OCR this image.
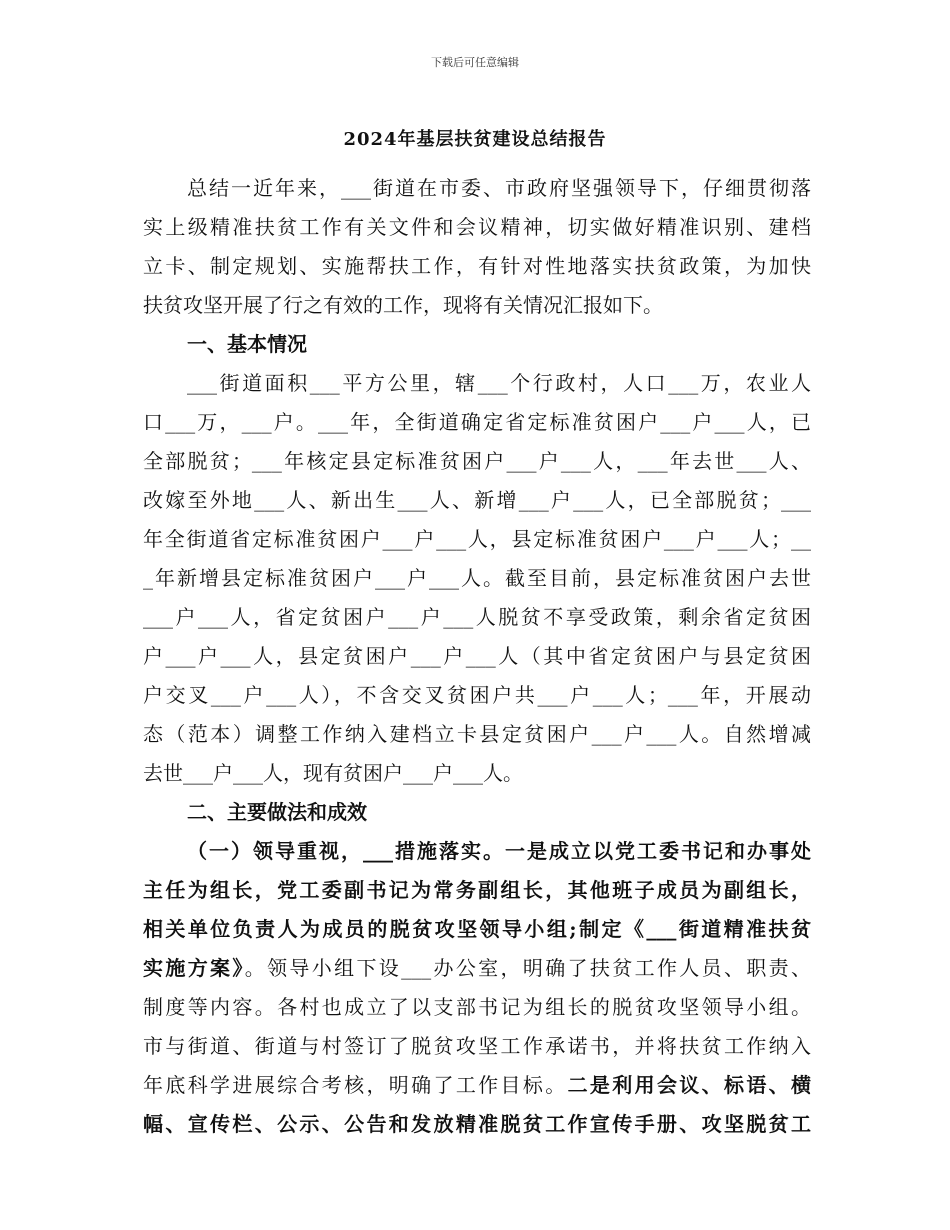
下载后可任意编辑
2024年基层扶贫建设总结报告
总结一近年来，___街道在市委、市政府坚强领导下，仔细贯彻落
实上级精准扶贫工作有关文件和会议精神，切实做好精准识别、建档
立卡、制定规划、实施帮扶工作，有针对性地落实扶贫政策，为加快
扶贫攻坚开展了行之有效的工作，现将有关情况汇报如下。
一、基本情况
___街道面积___平方公里，辖___个行政村，人口___万，农业人
口___万，___户。___年，全街道确定省定标准贫困户___户___人，已
全部脱贫；___年核定县定标准贫困户___户___人，___年去世___人、
改嫁至外地___人、新出生___人、新增___户___人，已全部脱贫；___
年全街道省定标准贫困户___户___人，县定标准贫困户___户___人；__
_年新增县定标准贫困户___户___人。截至目前，县定标准贫困户去世
___户___人，省定贫困户___户___人脱贫不享受政策，剩余省定贫困
户___户___人，县定贫困户___户___人（其中省定贫困户与县定贫困
户交叉___户___人），不含交叉贫困户共___户___人；___年，开展动
态（范本）调整工作纳入建档立卡县定贫困户___户___人。自然增减
去世___户___人，现有贫困户___户___人。
二、主要做法和成效
（一）领导重视，___措施落实。一是成立以党工委书记和办事处
主任为组长，党工委副书记为常务副组长，其他班子成员为副组长，
相关单位负责人为成员的脱贫攻坚领导小组;制定《___街道精准扶贫
实施方案》。领导小组下设___办公室，明确了扶贫工作人员、职责、
制度等内容。各村也成立了以支部书记为组长的脱贫攻坚领导小组。
市与街道、街道与村签订了脱贫攻坚工作承诺书，并将扶贫工作纳入
年底科学进展综合考核，明确了工作目标。二是利用会议、标语、横
幅、宣传栏、公示、公告和发放精准脱贫工作宣传手册、攻坚脱贫工
